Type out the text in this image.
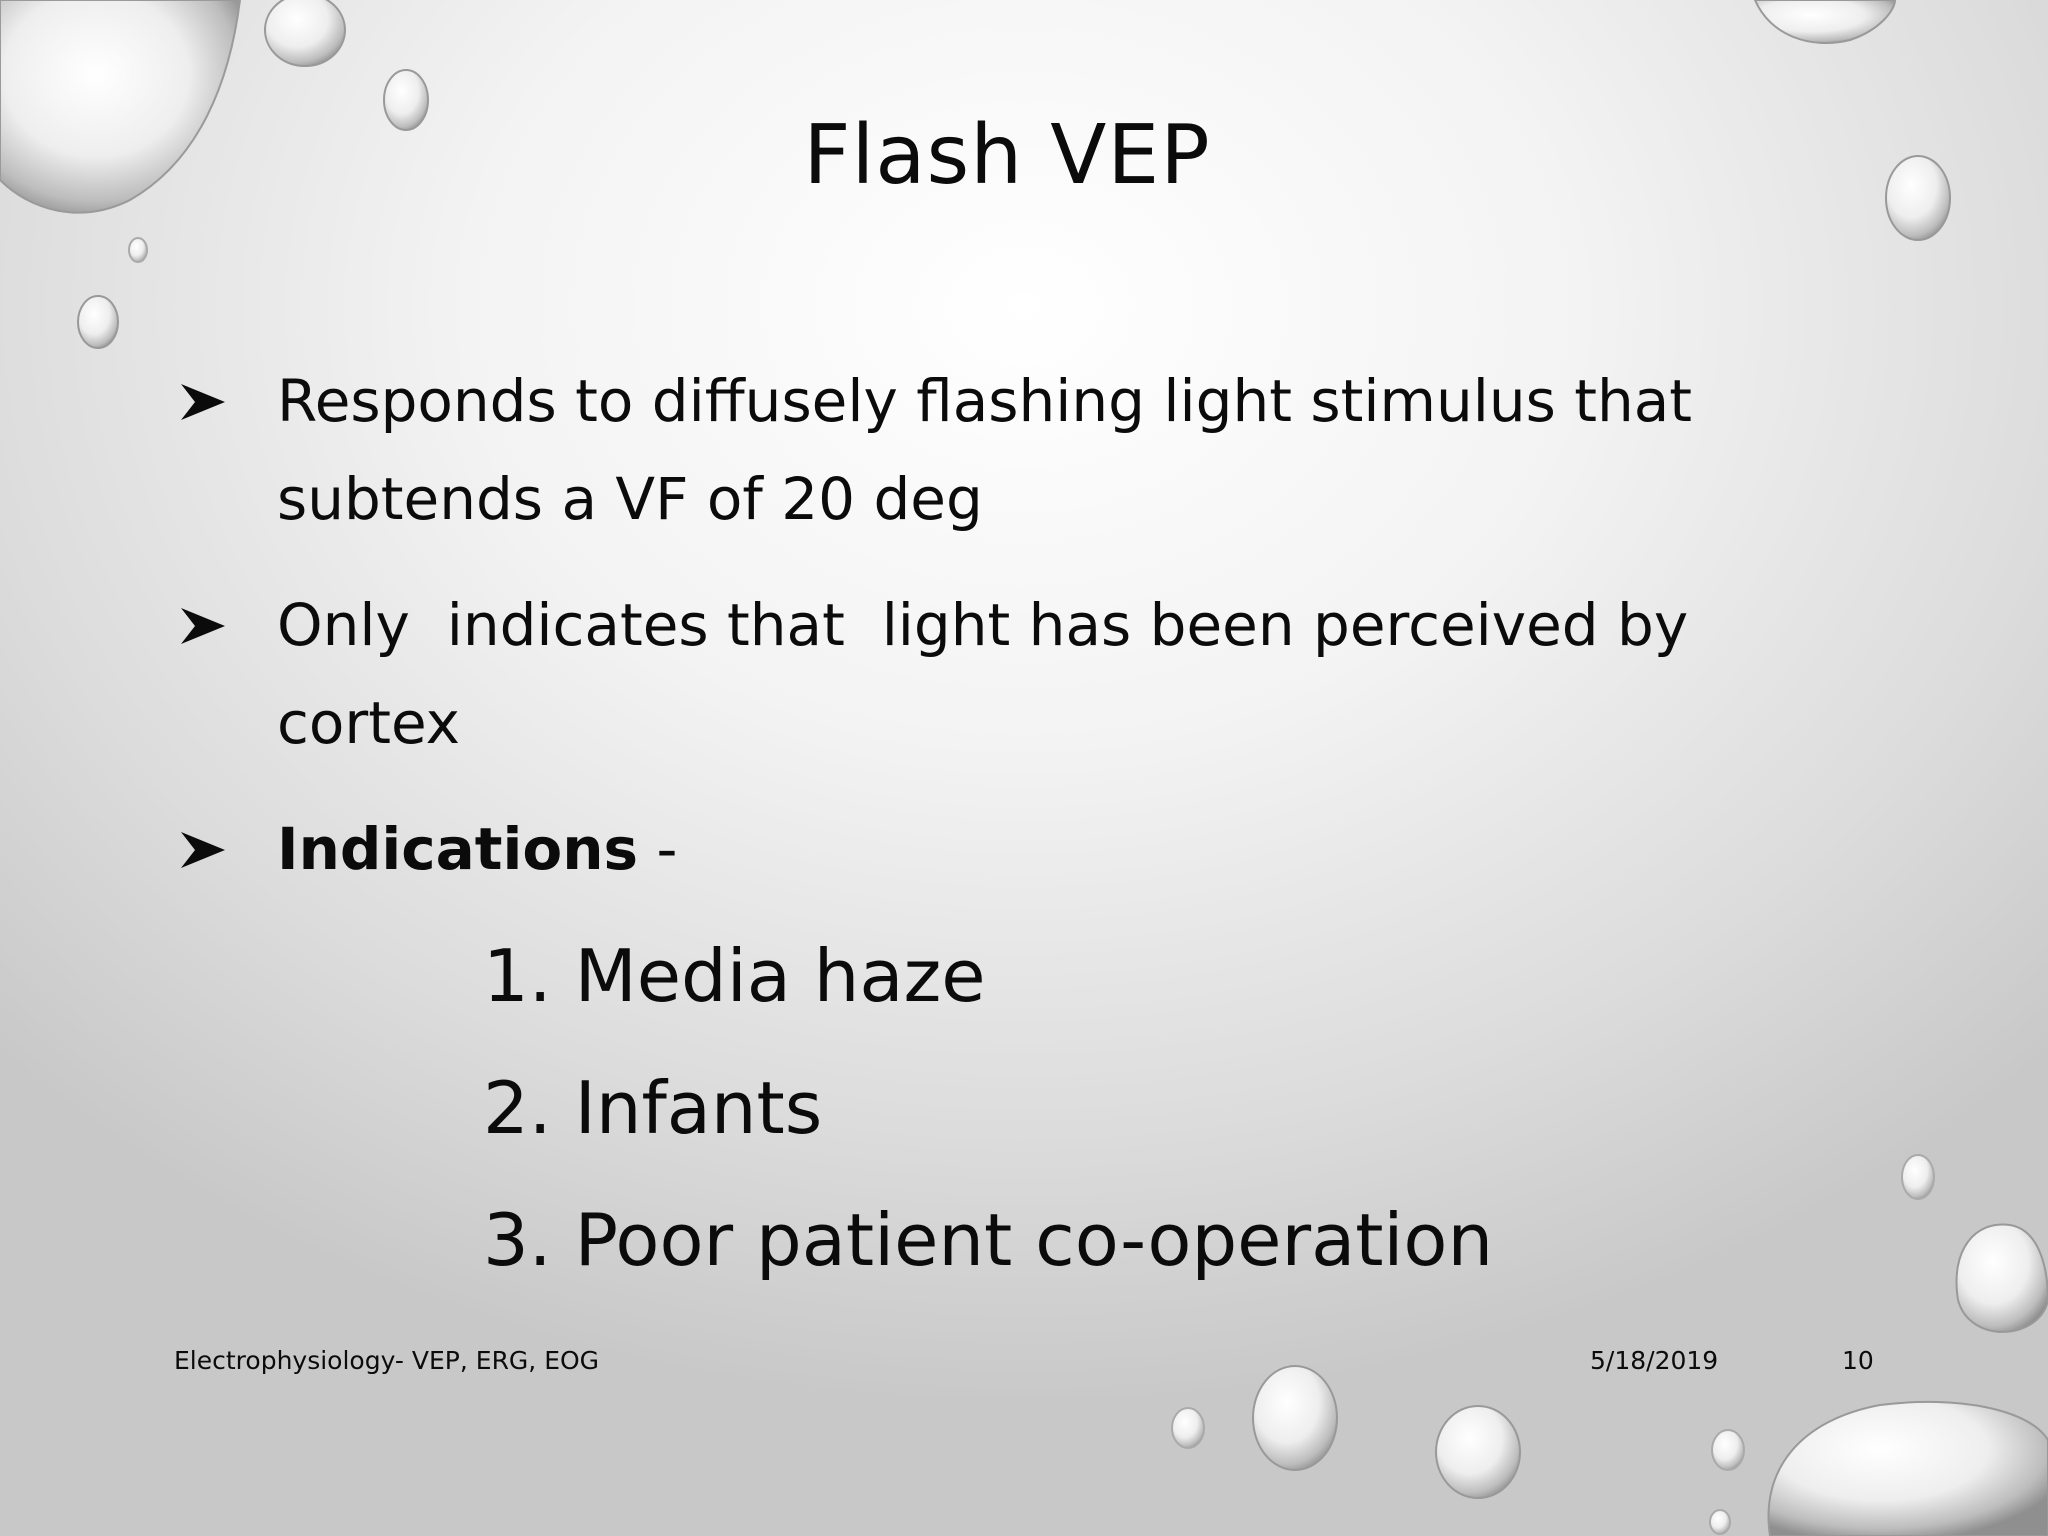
Flash VEP
Responds to diffusely flashing light stimulus that subtends a VF of 20 deg
Only  indicates that  light has been perceived by cortex
Indications -
1. Media haze
2. Infants
3. Poor patient co-operation
Electrophysiology- VEP, ERG, EOG	5/18/2019	10
